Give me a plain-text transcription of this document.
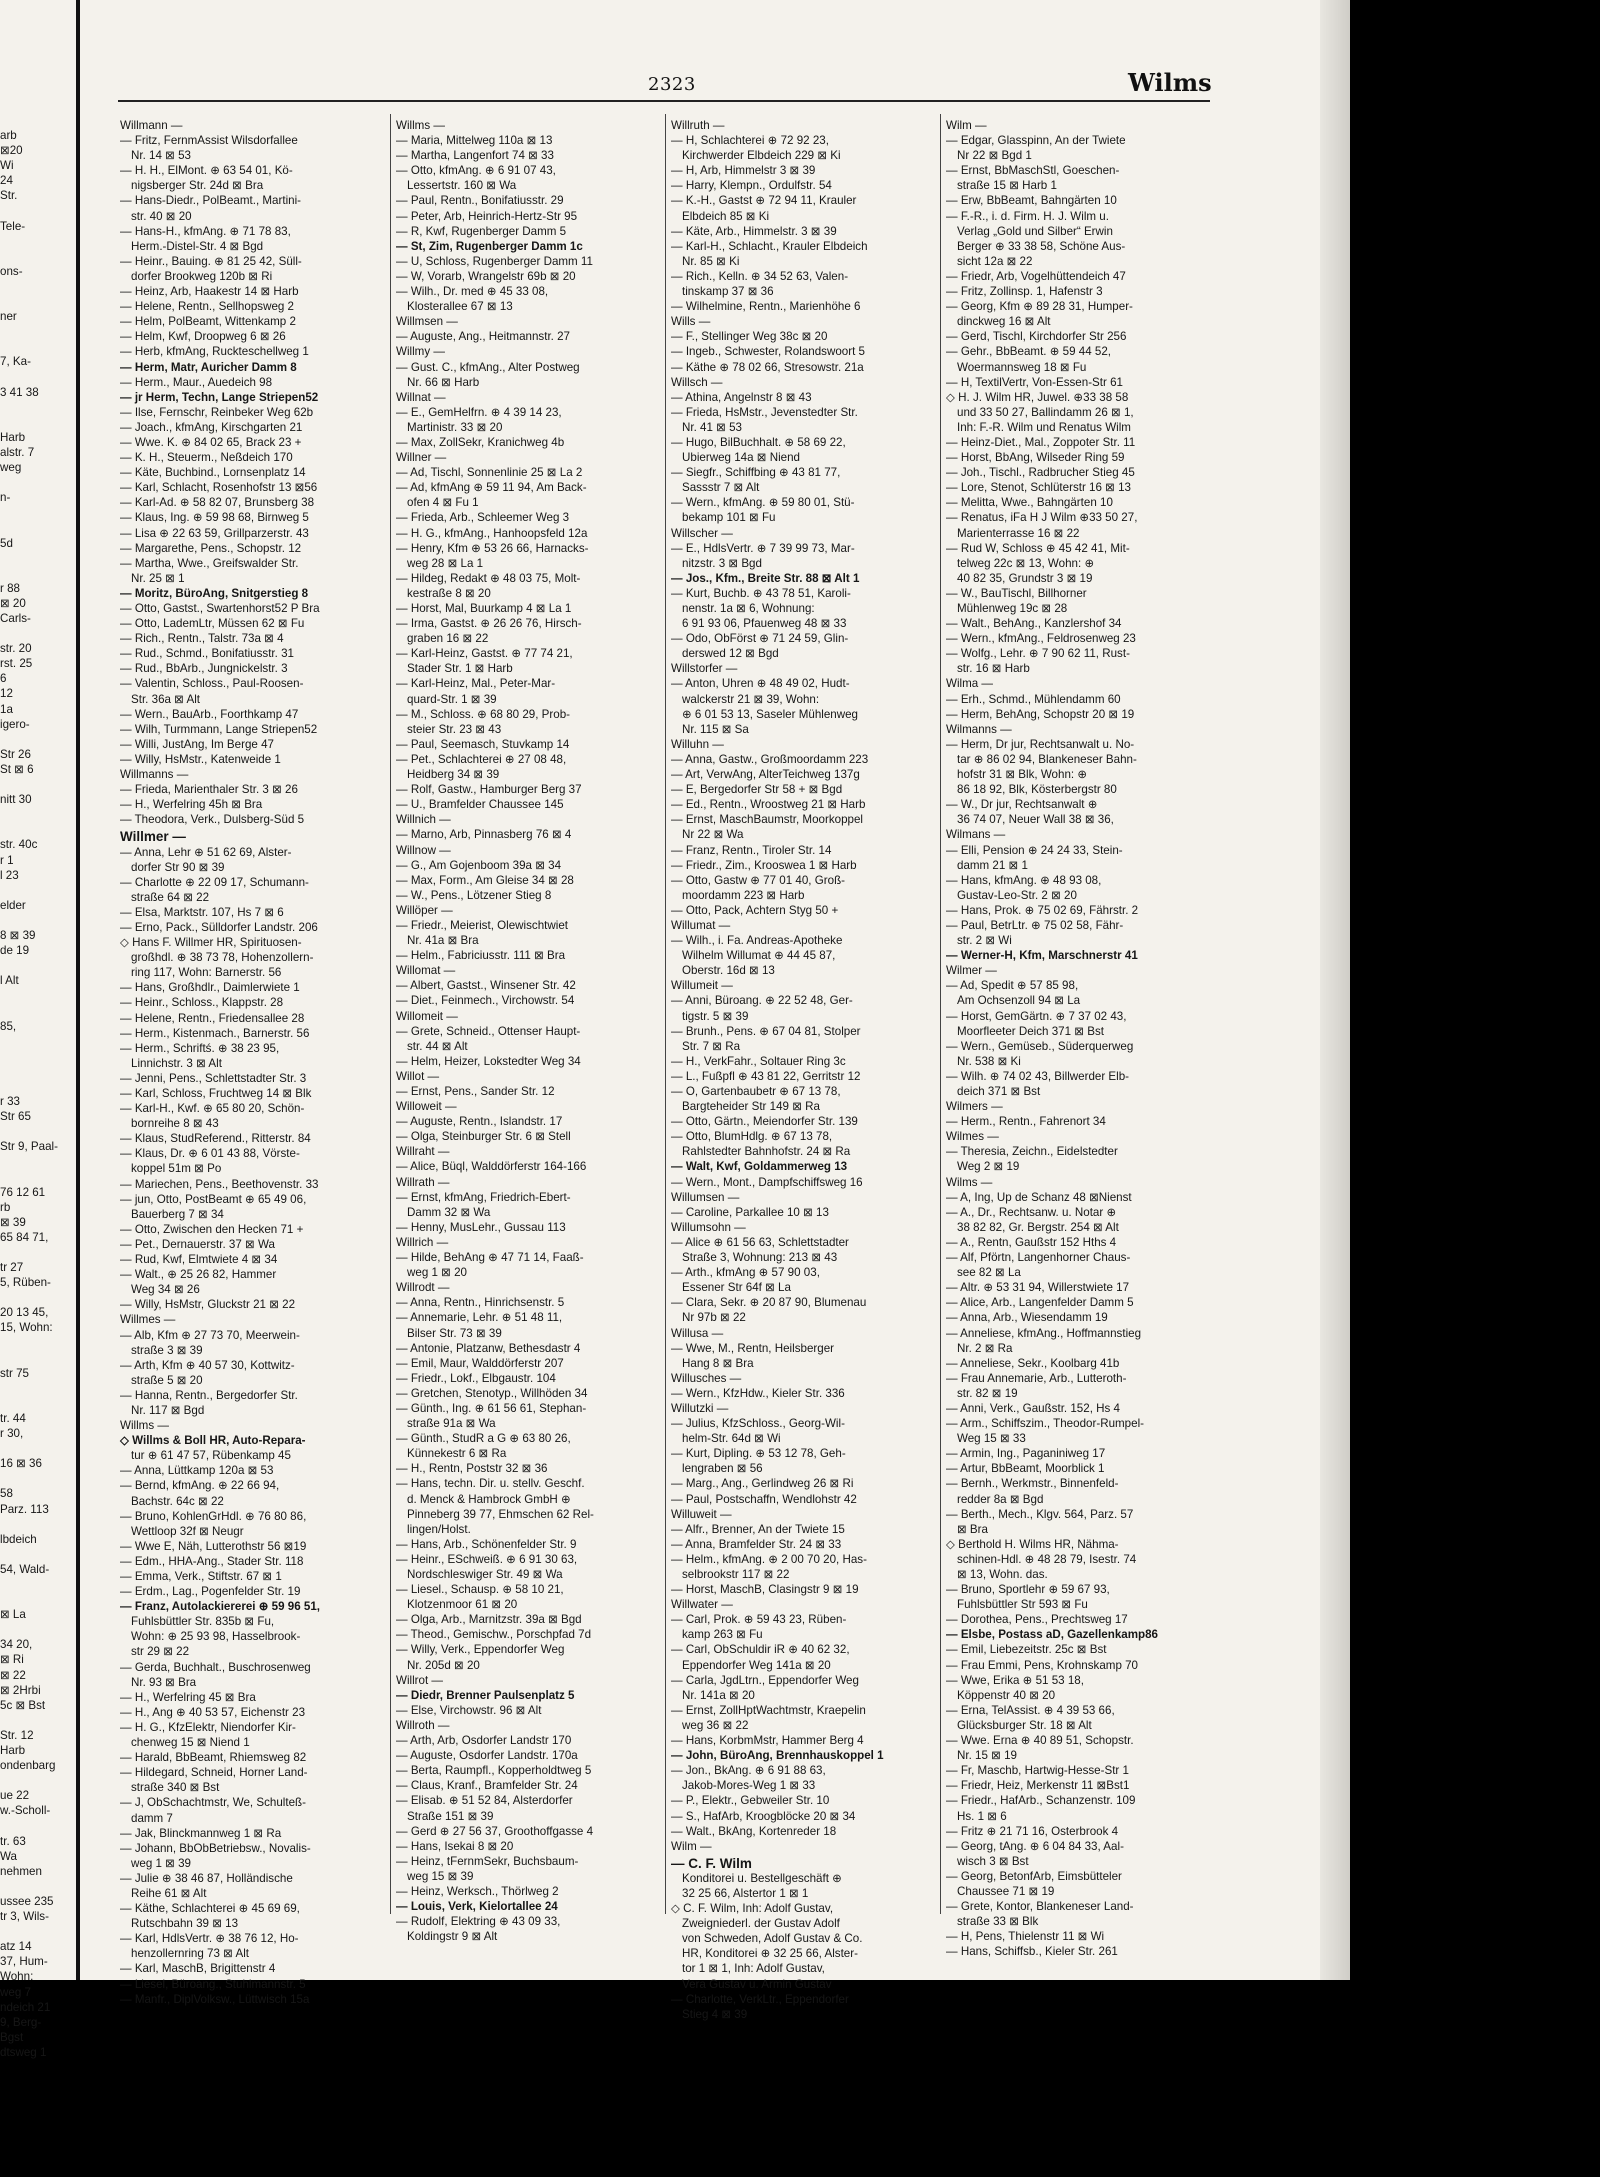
arb
⊠20
Wi
24
Str.
Tele-
ons-
ner
7, Ka-
3 41 38
Harb
alstr. 7
weg
n-
5d
r 88
⊠ 20
Carls-
str. 20
rst. 25
6
12
1a
igero-
Str 26
St ⊠ 6
nitt 30
str. 40c
r 1
l 23
elder
8 ⊠ 39
de 19
l Alt
85,
r 33
Str 65
Str 9, Paal-
76 12 61
rb
⊠ 39
65 84 71,
tr 27
5, Rüben-
20 13 45,
15, Wohn:
str 75
tr. 44
r 30,
16 ⊠ 36
58
Parz. 113
lbdeich
54, Wald-
⊠ La
34 20,
⊠ Ri
⊠ 22
⊠ 2Hrbi
5c ⊠ Bst
Str. 12
Harb
ondenbarg
ue 22
w.-Scholl-
tr. 63
Wa
nehmen
ussee 235
tr 3, Wils-
atz 14
37, Hum-
Wohn:
weg 7
ndeich 21
9, Berg-
Bgst
dtsweg 1
2323	Wilms
Willmann —
— Fritz, FernmAssist Wilsdorfallee
Nr. 14 ⊠ 53
— H. H., ElMont. ⊕ 63 54 01, Kö-
nigsberger Str. 24d ⊠ Bra
— Hans-Diedr., PolBeamt., Martini-
str. 40 ⊠ 20
— Hans-H., kfmAng. ⊕ 71 78 83,
Herm.-Distel-Str. 4 ⊠ Bgd
— Heinr., Bauing. ⊕ 81 25 42, Süll-
dorfer Brookweg 120b ⊠ Ri
— Heinz, Arb, Haakestr 14 ⊠ Harb
— Helene, Rentn., Sellhopsweg 2
— Helm, PolBeamt, Wittenkamp 2
— Helm, Kwf, Droopweg 6 ⊠ 26
— Herb, kfmAng, Ruckteschellweg 1
— Herm, Matr, Auricher Damm 8
— Herm., Maur., Auedeich 98
— jr Herm, Techn, Lange Striepen52
— Ilse, Fernschr, Reinbeker Weg 62b
— Joach., kfmAng, Kirschgarten 21
— Wwe. K. ⊕ 84 02 65, Brack 23 +
— K. H., Steuerm., Neßdeich 170
— Käte, Buchbind., Lornsenplatz 14
— Karl, Schlacht, Rosenhofstr 13 ⊠56
— Karl-Ad. ⊕ 58 82 07, Brunsberg 38
— Klaus, Ing. ⊕ 59 98 68, Birnweg 5
— Lisa ⊕ 22 63 59, Grillparzerstr. 43
— Margarethe, Pens., Schopstr. 12
— Martha, Wwe., Greifswalder Str.
Nr. 25 ⊠ 1
— Moritz, BüroAng, Snitgerstieg 8
— Otto, Gastst., Swartenhorst52 P Bra
— Otto, LademLtr, Müssen 62 ⊠ Fu
— Rich., Rentn., Talstr. 73a ⊠ 4
— Rud., Schmd., Bonifatiusstr. 31
— Rud., BbArb., Jungnickelstr. 3
— Valentin, Schloss., Paul-Roosen-
Str. 36a ⊠ Alt
— Wern., BauArb., Foorthkamp 47
— Wilh, Turmmann, Lange Striepen52
— Willi, JustAng, Im Berge 47
— Willy, HsMstr., Katenweide 1
Willmanns —
— Frieda, Marienthaler Str. 3 ⊠ 26
— H., Werfelring 45h ⊠ Bra
— Theodora, Verk., Dulsberg-Süd 5
Willmer —
— Anna, Lehr ⊕ 51 62 69, Alster-
dorfer Str 90 ⊠ 39
— Charlotte ⊕ 22 09 17, Schumann-
straße 64 ⊠ 22
— Elsa, Marktstr. 107, Hs 7 ⊠ 6
— Erno, Pack., Sülldorfer Landstr. 206
◇ Hans F. Willmer HR, Spirituosen-
großhdl. ⊕ 38 73 78, Hohenzollern-
ring 117, Wohn: Barnerstr. 56
— Hans, Großhdlr., Daimlerwiete 1
— Heinr., Schloss., Klappstr. 28
— Helene, Rentn., Friedensallee 28
— Herm., Kistenmach., Barnerstr. 56
— Herm., Schriftś. ⊕ 38 23 95,
Linnichstr. 3 ⊠ Alt
— Jenni, Pens., Schlettstadter Str. 3
— Karl, Schloss, Fruchtweg 14 ⊠ Blk
— Karl-H., Kwf. ⊕ 65 80 20, Schön-
bornreihe 8 ⊠ 43
— Klaus, StudReferend., Ritterstr. 84
— Klaus, Dr. ⊕ 6 01 43 88, Vörste-
koppel 51m ⊠ Po
— Mariechen, Pens., Beethovenstr. 33
— jun, Otto, PostBeamt ⊕ 65 49 06,
Bauerberg 7 ⊠ 34
— Otto, Zwischen den Hecken 71 +
— Pet., Dernauerstr. 37 ⊠ Wa
— Rud, Kwf, Elmtwiete 4 ⊠ 34
— Walt., ⊕ 25 26 82, Hammer
Weg 34 ⊠ 26
— Willy, HsMstr, Gluckstr 21 ⊠ 22
Willmes —
— Alb, Kfm ⊕ 27 73 70, Meerwein-
straße 3 ⊠ 39
— Arth, Kfm ⊕ 40 57 30, Kottwitz-
straße 5 ⊠ 20
— Hanna, Rentn., Bergedorfer Str.
Nr. 117 ⊠ Bgd
Willms —
◇ Willms & Boll HR, Auto-Repara-
tur ⊕ 61 47 57, Rübenkamp 45
— Anna, Lüttkamp 120a ⊠ 53
— Bernd, kfmAng. ⊕ 22 66 94,
Bachstr. 64c ⊠ 22
— Bruno, KohlenGrHdl. ⊕ 76 80 86,
Wettloop 32f ⊠ Neugr
— Wwe E, Näh, Lutterothstr 56 ⊠19
— Edm., HHA-Ang., Stader Str. 118
— Emma, Verk., Stiftstr. 67 ⊠ 1
— Erdm., Lag., Pogenfelder Str. 19
— Franz, Autolackiererei ⊕ 59 96 51,
Fuhlsbüttler Str. 835b ⊠ Fu,
Wohn: ⊕ 25 93 98, Hasselbrook-
str 29 ⊠ 22
— Gerda, Buchhalt., Buschrosenweg
Nr. 93 ⊠ Bra
— H., Werfelring 45 ⊠ Bra
— H., Ang ⊕ 40 53 57, Eichenstr 23
— H. G., KfzElektr, Niendorfer Kir-
chenweg 15 ⊠ Niend 1
— Harald, BbBeamt, Rhiemsweg 82
— Hildegard, Schneid, Horner Land-
straße 340 ⊠ Bst
— J, ObSchachtmstr, We, Schulteß-
damm 7
— Jak, Blinckmannweg 1 ⊠ Ra
— Johann, BbObBetriebsw., Novalis-
weg 1 ⊠ 39
— Julie ⊕ 38 46 87, Holländische
Reihe 61 ⊠ Alt
— Käthe, Schlachterei ⊕ 45 69 69,
Rutschbahn 39 ⊠ 13
— Karl, HdlsVertr. ⊕ 38 76 12, Ho-
henzollernring 73 ⊠ Alt
— Karl, MaschB, Brigittenstr 4
— Liesel, Büroang., Stuhlmannstr. 5
— Manfr., DiplVolksw., Lüttwisch 15a
Willms —
— Maria, Mittelweg 110a ⊠ 13
— Martha, Langenfort 74 ⊠ 33
— Otto, kfmAng. ⊕ 6 91 07 43,
Lessertstr. 160 ⊠ Wa
— Paul, Rentn., Bonifatiusstr. 29
— Peter, Arb, Heinrich-Hertz-Str 95
— R, Kwf, Rugenberger Damm 5
— St, Zim, Rugenberger Damm 1c
— U, Schloss, Rugenberger Damm 11
— W, Vorarb, Wrangelstr 69b ⊠ 20
— Wilh., Dr. med ⊕ 45 33 08,
Klosterallee 67 ⊠ 13
Willmsen —
— Auguste, Ang., Heitmannstr. 27
Willmy —
— Gust. C., kfmAng., Alter Postweg
Nr. 66 ⊠ Harb
Willnat —
— E., GemHelfrn. ⊕ 4 39 14 23,
Martinistr. 33 ⊠ 20
— Max, ZollSekr, Kranichweg 4b
Willner —
— Ad, Tischl, Sonnenlinie 25 ⊠ La 2
— Ad, kfmAng ⊕ 59 11 94, Am Back-
ofen 4 ⊠ Fu 1
— Frieda, Arb., Schleemer Weg 3
— H. G., kfmAng., Hanhoopsfeld 12a
— Henry, Kfm ⊕ 53 26 66, Harnacks-
weg 28 ⊠ La 1
— Hildeg, Redakt ⊕ 48 03 75, Molt-
kestraße 8 ⊠ 20
— Horst, Mal, Buurkamp 4 ⊠ La 1
— Irma, Gastst. ⊕ 26 26 76, Hirsch-
graben 16 ⊠ 22
— Karl-Heinz, Gastst. ⊕ 77 74 21,
Stader Str. 1 ⊠ Harb
— Karl-Heinz, Mal., Peter-Mar-
quard-Str. 1 ⊠ 39
— M., Schloss. ⊕ 68 80 29, Prob-
steier Str. 23 ⊠ 43
— Paul, Seemasch, Stuvkamp 14
— Pet., Schlachterei ⊕ 27 08 48,
Heidberg 34 ⊠ 39
— Rolf, Gastw., Hamburger Berg 37
— U., Bramfelder Chaussee 145
Willnich —
— Marno, Arb, Pinnasberg 76 ⊠ 4
Willnow —
— G., Am Gojenboom 39a ⊠ 34
— Max, Form., Am Gleise 34 ⊠ 28
— W., Pens., Lötzener Stieg 8
Willöper —
— Friedr., Meierist, Olewischtwiet
Nr. 41a ⊠ Bra
— Helm., Fabriciusstr. 111 ⊠ Bra
Willomat —
— Albert, Gastst., Winsener Str. 42
— Diet., Feinmech., Virchowstr. 54
Willomeit —
— Grete, Schneid., Ottenser Haupt-
str. 44 ⊠ Alt
— Helm, Heizer, Lokstedter Weg 34
Willot —
— Ernst, Pens., Sander Str. 12
Willoweit —
— Auguste, Rentn., Islandstr. 17
— Olga, Steinburger Str. 6 ⊠ Stell
Willraht —
— Alice, Büql, Walddörferstr 164-166
Willrath —
— Ernst, kfmAng, Friedrich-Ebert-
Damm 32 ⊠ Wa
— Henny, MusLehr., Gussau 113
Willrich —
— Hilde, BehAng ⊕ 47 71 14, Faaß-
weg 1 ⊠ 20
Willrodt —
— Anna, Rentn., Hinrichsenstr. 5
— Annemarie, Lehr. ⊕ 51 48 11,
Bilser Str. 73 ⊠ 39
— Antonie, Platzanw, Bethesdastr 4
— Emil, Maur, Walddörferstr 207
— Friedr., Lokf., Elbgaustr. 104
— Gretchen, Stenotyp., Willhöden 34
— Günth., Ing. ⊕ 61 56 61, Stephan-
straße 91a ⊠ Wa
— Günth., StudR a G ⊕ 63 80 26,
Künnekestr 6 ⊠ Ra
— H., Rentn, Poststr 32 ⊠ 36
— Hans, techn. Dir. u. stellv. Geschf.
d. Menck & Hambrock GmbH ⊕
Pinneberg 39 77, Ehmschen 62 Rel-
lingen/Holst.
— Hans, Arb., Schönenfelder Str. 9
— Heinr., ESchweiß. ⊕ 6 91 30 63,
Nordschleswiger Str. 49 ⊠ Wa
— Liesel., Schausp. ⊕ 58 10 21,
Klotzenmoor 61 ⊠ 20
— Olga, Arb., Marnitzstr. 39a ⊠ Bgd
— Theod., Gemischw., Porschpfad 7d
— Willy, Verk., Eppendorfer Weg
Nr. 205d ⊠ 20
Willrot —
— Diedr, Brenner Paulsenplatz 5
— Else, Virchowstr. 96 ⊠ Alt
Willroth —
— Arth, Arb, Osdorfer Landstr 170
— Auguste, Osdorfer Landstr. 170a
— Berta, Raumpfl., Kopperholdtweg 5
— Claus, Kranf., Bramfelder Str. 24
— Elisab. ⊕ 51 52 84, Alsterdorfer
Straße 151 ⊠ 39
— Gerd ⊕ 27 56 37, Groothoffgasse 4
— Hans, Isekai 8 ⊠ 20
— Heinz, tFernmSekr, Buchsbaum-
weg 15 ⊠ 39
— Heinz, Werksch., Thörlweg 2
— Louis, Verk, Kielortallee 24
— Rudolf, Elektring ⊕ 43 09 33,
Koldingstr 9 ⊠ Alt
Willruth —
— H, Schlachterei ⊕ 72 92 23,
Kirchwerder Elbdeich 229 ⊠ Ki
— H, Arb, Himmelstr 3 ⊠ 39
— Harry, Klempn., Ordulfstr. 54
— K.-H., Gastst ⊕ 72 94 11, Krauler
Elbdeich 85 ⊠ Ki
— Käte, Arb., Himmelstr. 3 ⊠ 39
— Karl-H., Schlacht., Krauler Elbdeich
Nr. 85 ⊠ Ki
— Rich., Kelln. ⊕ 34 52 63, Valen-
tinskamp 37 ⊠ 36
— Wilhelmine, Rentn., Marienhöhe 6
Wills —
— F., Stellinger Weg 38c ⊠ 20
— Ingeb., Schwester, Rolandswoort 5
— Käthe ⊕ 78 02 66, Stresowstr. 21a
Willsch —
— Athina, Angelnstr 8 ⊠ 43
— Frieda, HsMstr., Jevenstedter Str.
Nr. 41 ⊠ 53
— Hugo, BilBuchhalt. ⊕ 58 69 22,
Ubierweg 14a ⊠ Niend
— Siegfr., Schiffbing ⊕ 43 81 77,
Sassstr 7 ⊠ Alt
— Wern., kfmAng. ⊕ 59 80 01, Stü-
bekamp 101 ⊠ Fu
Willscher —
— E., HdlsVertr. ⊕ 7 39 99 73, Mar-
nitzstr. 3 ⊠ Bgd
— Jos., Kfm., Breite Str. 88 ⊠ Alt 1
— Kurt, Buchb. ⊕ 43 78 51, Karoli-
nenstr. 1a ⊠ 6, Wohnung:
6 91 93 06, Pfauenweg 48 ⊠ 33
— Odo, ObFörst ⊕ 71 24 59, Glin-
derswed 12 ⊠ Bgd
Willstorfer —
— Anton, Uhren ⊕ 48 49 02, Hudt-
walckerstr 21 ⊠ 39, Wohn:
⊕ 6 01 53 13, Saseler Mühlenweg
Nr. 115 ⊠ Sa
Willuhn —
— Anna, Gastw., Großmoordamm 223
— Art, VerwAng, AlterTeichweg 137g
— E, Bergedorfer Str 58 + ⊠ Bgd
— Ed., Rentn., Wroostweg 21 ⊠ Harb
— Ernst, MaschBaumstr, Moorkoppel
Nr 22 ⊠ Wa
— Franz, Rentn., Tiroler Str. 14
— Friedr., Zim., Krooswea 1 ⊠ Harb
— Otto, Gastw ⊕ 77 01 40, Groß-
moordamm 223 ⊠ Harb
— Otto, Pack, Achtern Styg 50 +
Willumat —
— Wilh., i. Fa. Andreas-Apotheke
Wilhelm Willumat ⊕ 44 45 87,
Oberstr. 16d ⊠ 13
Willumeit —
— Anni, Büroang. ⊕ 22 52 48, Ger-
tigstr. 5 ⊠ 39
— Brunh., Pens. ⊕ 67 04 81, Stolper
Str. 7 ⊠ Ra
— H., VerkFahr., Soltauer Ring 3c
— L., Fußpfl ⊕ 43 81 22, Gerritstr 12
— O, Gartenbaubetr ⊕ 67 13 78,
Bargteheider Str 149 ⊠ Ra
— Otto, Gärtn., Meiendorfer Str. 139
— Otto, BlumHdlg. ⊕ 67 13 78,
Rahlstedter Bahnhofstr. 24 ⊠ Ra
— Walt, Kwf, Goldammerweg 13
— Wern., Mont., Dampfschiffsweg 16
Willumsen —
— Caroline, Parkallee 10 ⊠ 13
Willumsohn —
— Alice ⊕ 61 56 63, Schlettstadter
Straße 3, Wohnung: 213 ⊠ 43
— Arth., kfmAng ⊕ 57 90 03,
Essener Str 64f ⊠ La
— Clara, Sekr. ⊕ 20 87 90, Blumenau
Nr 97b ⊠ 22
Willusa —
— Wwe, M., Rentn, Heilsberger
Hang 8 ⊠ Bra
Willusches —
— Wern., KfzHdw., Kieler Str. 336
Willutzki —
— Julius, KfzSchloss., Georg-Wil-
helm-Str. 64d ⊠ Wi
— Kurt, Dipling. ⊕ 53 12 78, Geh-
lengraben ⊠ 56
— Marg., Ang., Gerlindweg 26 ⊠ Ri
— Paul, Postschaffn, Wendlohstr 42
Willuweit —
— Alfr., Brenner, An der Twiete 15
— Anna, Bramfelder Str. 24 ⊠ 33
— Helm., kfmAng. ⊕ 2 00 70 20, Has-
selbrookstr 117 ⊠ 22
— Horst, MaschB, Clasingstr 9 ⊠ 19
Willwater —
— Carl, Prok. ⊕ 59 43 23, Rüben-
kamp 263 ⊠ Fu
— Carl, ObSchuldir iR ⊕ 40 62 32,
Eppendorfer Weg 141a ⊠ 20
— Carla, JgdLtrn., Eppendorfer Weg
Nr. 141a ⊠ 20
— Ernst, ZollHptWachtmstr, Kraepelin
weg 36 ⊠ 22
— Hans, KorbmMstr, Hammer Berg 4
— John, BüroAng, Brennhauskoppel 1
— Jon., BkAng. ⊕ 6 91 88 63,
Jakob-Mores-Weg 1 ⊠ 33
— P., Elektr., Gebweiler Str. 10
— S., HafArb, Kroogblöcke 20 ⊠ 34
— Walt., BkAng, Kortenreder 18
Wilm —
— C. F. Wilm
Konditorei u. Bestellgeschäft ⊕
32 25 66, Alstertor 1 ⊠ 1
◇ C. F. Wilm, Inh: Adolf Gustav,
Zweigniederl. der Gustav Adolf
von Schweden, Adolf Gustav & Co.
HR, Konditorei ⊕ 32 25 66, Alster-
tor 1 ⊠ 1, Inh: Adolf Gustav,
Vera Gustav u. Armin Gustav
— Charlotte, VerkLtr., Eppendorfer
Stieg 4 ⊠ 39
Wilm —
— Edgar, Glasspinn, An der Twiete
Nr 22 ⊠ Bgd 1
— Ernst, BbMaschStl, Goeschen-
straße 15 ⊠ Harb 1
— Erw, BbBeamt, Bahngärten 10
— F.-R., i. d. Firm. H. J. Wilm u.
Verlag „Gold und Silber“ Erwin
Berger ⊕ 33 38 58, Schöne Aus-
sicht 12a ⊠ 22
— Friedr, Arb, Vogelhüttendeich 47
— Fritz, Zollinsp. 1, Hafenstr 3
— Georg, Kfm ⊕ 89 28 31, Humper-
dinckweg 16 ⊠ Alt
— Gerd, Tischl, Kirchdorfer Str 256
— Gehr., BbBeamt. ⊕ 59 44 52,
Woermannsweg 18 ⊠ Fu
— H, TextilVertr, Von-Essen-Str 61
◇ H. J. Wilm HR, Juwel. ⊕33 38 58
und 33 50 27, Ballindamm 26 ⊠ 1,
Inh: F.-R. Wilm und Renatus Wilm
— Heinz-Diet., Mal., Zoppoter Str. 11
— Horst, BbAng, Wilseder Ring 59
— Joh., Tischl., Radbrucher Stieg 45
— Lore, Stenot, Schlüterstr 16 ⊠ 13
— Melitta, Wwe., Bahngärten 10
— Renatus, iFa H J Wilm ⊕33 50 27,
Marienterrasse 16 ⊠ 22
— Rud W, Schloss ⊕ 45 42 41, Mit-
telweg 22c ⊠ 13, Wohn: ⊕
40 82 35, Grundstr 3 ⊠ 19
— W., BauTischl, Billhorner
Mühlenweg 19c ⊠ 28
— Walt., BehAng., Kanzlershof 34
— Wern., kfmAng., Feldrosenweg 23
— Wolfg., Lehr. ⊕ 7 90 62 11, Rust-
str. 16 ⊠ Harb
Wilma —
— Erh., Schmd., Mühlendamm 60
— Herm, BehAng, Schopstr 20 ⊠ 19
Wilmanns —
— Herm, Dr jur, Rechtsanwalt u. No-
tar ⊕ 86 02 94, Blankeneser Bahn-
hofstr 31 ⊠ Blk, Wohn: ⊕
86 18 92, Blk, Kösterbergstr 80
— W., Dr jur, Rechtsanwalt ⊕
36 74 07, Neuer Wall 38 ⊠ 36,
Wilmans —
— Elli, Pension ⊕ 24 24 33, Stein-
damm 21 ⊠ 1
— Hans, kfmAng. ⊕ 48 93 08,
Gustav-Leo-Str. 2 ⊠ 20
— Hans, Prok. ⊕ 75 02 69, Fährstr. 2
— Paul, BetrLtr. ⊕ 75 02 58, Fähr-
str. 2 ⊠ Wi
— Werner-H, Kfm, Marschnerstr 41
Wilmer —
— Ad, Spedit ⊕ 57 85 98,
Am Ochsenzoll 94 ⊠ La
— Horst, GemGärtn. ⊕ 7 37 02 43,
Moorfleeter Deich 371 ⊠ Bst
— Wern., Gemüseb., Süderquerweg
Nr. 538 ⊠ Ki
— Wilh. ⊕ 74 02 43, Billwerder Elb-
deich 371 ⊠ Bst
Wilmers —
— Herm., Rentn., Fahrenort 34
Wilmes —
— Theresia, Zeichn., Eidelstedter
Weg 2 ⊠ 19
Wilms —
— A, Ing, Up de Schanz 48 ⊠Nienst
— A., Dr., Rechtsanw. u. Notar ⊕
38 82 82, Gr. Bergstr. 254 ⊠ Alt
— A., Rentn, Gaußstr 152 Hths 4
— Alf, Pförtn, Langenhorner Chaus-
see 82 ⊠ La
— Altr. ⊕ 53 31 94, Willerstwiete 17
— Alice, Arb., Langenfelder Damm 5
— Anna, Arb., Wiesendamm 19
— Anneliese, kfmAng., Hoffmannstieg
Nr. 2 ⊠ Ra
— Anneliese, Sekr., Koolbarg 41b
— Frau Annemarie, Arb., Lutteroth-
str. 82 ⊠ 19
— Anni, Verk., Gaußstr. 152, Hs 4
— Arm., Schiffszim., Theodor-Rumpel-
Weg 15 ⊠ 33
— Armin, Ing., Paganiniweg 17
— Artur, BbBeamt, Moorblick 1
— Bernh., Werkmstr., Binnenfeld-
redder 8a ⊠ Bgd
— Berth., Mech., Klgv. 564, Parz. 57
⊠ Bra
◇ Berthold H. Wilms HR, Nähma-
schinen-Hdl. ⊕ 48 28 79, Isestr. 74
⊠ 13, Wohn. das.
— Bruno, Sportlehr ⊕ 59 67 93,
Fuhlsbüttler Str 593 ⊠ Fu
— Dorothea, Pens., Prechtsweg 17
— Elsbe, Postass aD, Gazellenkamp86
— Emil, Liebezeitstr. 25c ⊠ Bst
— Frau Emmi, Pens, Krohnskamp 70
— Wwe, Erika ⊕ 51 53 18,
Köppenstr 40 ⊠ 20
— Erna, TelAssist. ⊕ 4 39 53 66,
Glücksburger Str. 18 ⊠ Alt
— Wwe. Erna ⊕ 40 89 51, Schopstr.
Nr. 15 ⊠ 19
— Fr, Maschb, Hartwig-Hesse-Str 1
— Friedr, Heiz, Merkenstr 11 ⊠Bst1
— Friedr., HafArb., Schanzenstr. 109
Hs. 1 ⊠ 6
— Fritz ⊕ 21 71 16, Osterbrook 4
— Georg, tAng. ⊕ 6 04 84 33, Aal-
wisch 3 ⊠ Bst
— Georg, BetonfArb, Eimsbütteler
Chaussee 71 ⊠ 19
— Grete, Kontor, Blankeneser Land-
straße 33 ⊠ Blk
— H, Pens, Thielenstr 11 ⊠ Wi
— Hans, Schiffsb., Kieler Str. 261
